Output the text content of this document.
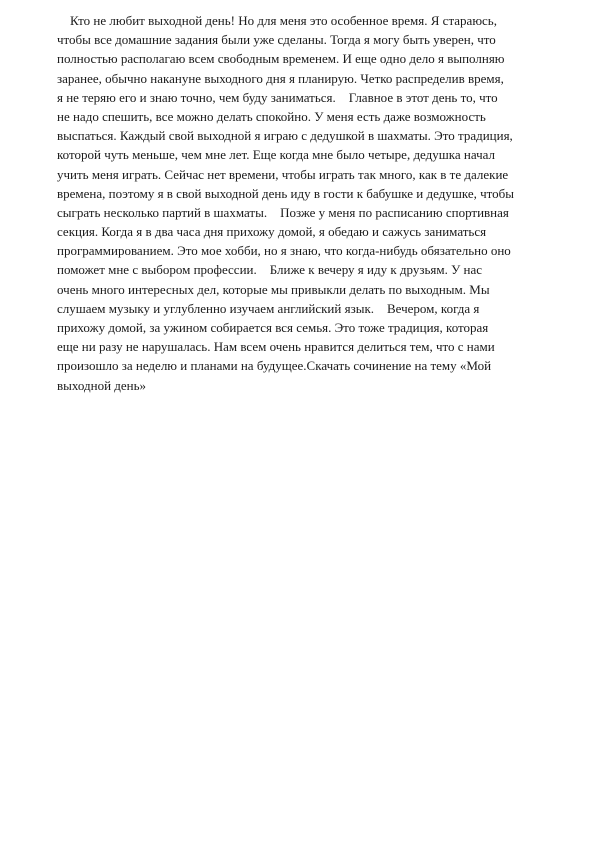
Кто не любит выходной день! Но для меня это особенное время. Я стараюсь,
чтобы все домашние задания были уже сделаны. Тогда я могу быть уверен, что
полностью располагаю всем свободным временем. И еще одно дело я выполняю
заранее, обычно накануне выходного дня я планирую. Четко распределив время,
я не теряю его и знаю точно, чем буду заниматься.    Главное в этот день то, что
не надо спешить, все можно делать спокойно. У меня есть даже возможность
выспаться. Каждый свой выходной я играю с дедушкой в шахматы. Это традиция,
которой чуть меньше, чем мне лет. Еще когда мне было четыре, дедушка начал
учить меня играть. Сейчас нет времени, чтобы играть так много, как в те далекие
времена, поэтому я в свой выходной день иду в гости к бабушке и дедушке, чтобы
сыграть несколько партий в шахматы.    Позже у меня по расписанию спортивная
секция. Когда я в два часа дня прихожу домой, я обедаю и сажусь заниматься
программированием. Это мое хобби, но я знаю, что когда-нибудь обязательно оно
поможет мне с выбором профессии.    Ближе к вечеру я иду к друзьям. У нас
очень много интересных дел, которые мы привыкли делать по выходным. Мы
слушаем музыку и углубленно изучаем английский язык.    Вечером, когда я
прихожу домой, за ужином собирается вся семья. Это тоже традиция, которая
еще ни разу не нарушалась. Нам всем очень нравится делиться тем, что с нами
произошло за неделю и планами на будущее.Скачать сочинение на тему «Мой
выходной день»
